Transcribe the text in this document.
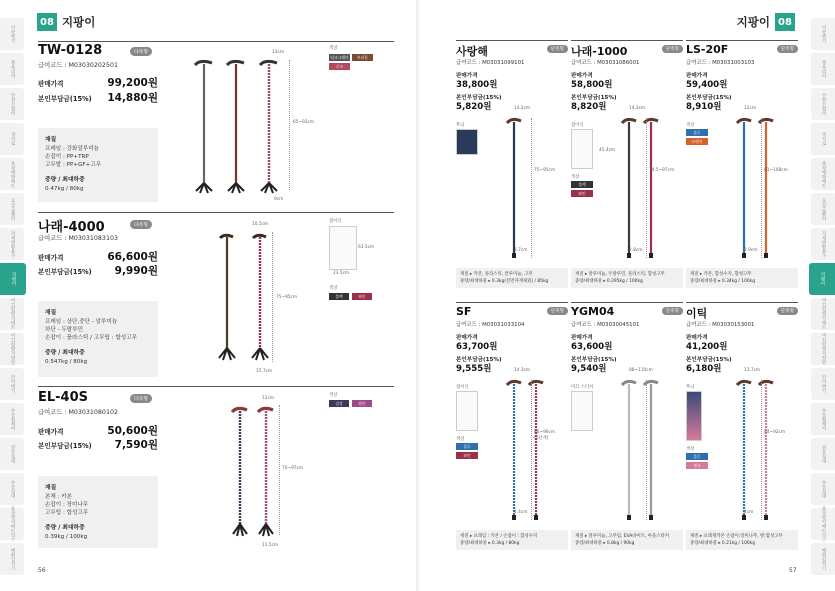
이동변기
목욕의자
안전손잡이
경사로
욕창예방매트
요실금팬티
자세변환용구
지팡이
미끄럼방지매트
미끄럼방지양말
간이변기
수동휠체어
전동침대
수동침대
욕창방지매트리스
배회감지기
이동변기
목욕의자
안전손잡이
경사로
욕창예방매트
요실금팬티
자세변환용구
지팡이
미끄럼방지매트
미끄럼방지양말
간이변기
수동휠체어
전동침대
수동침대
욕창방지매트리스
배회감지기
08 지팡이
56
지팡이 08
57
TW-0128	다족형
급여코드 : M03030202501
판매가격	99,200원
본인부담금(15%) 14,880원
재질
프레임 : 강화알루미늄
손잡이 : PP+TRP
고무발 : PP+GF+고무
중량 / 최대하중
0.47kg / 80kg
13cm
65~93cm
9cm
색상
티크그레이	브라운
로즈
나래-4000	다족형
급여코드 : M03031083103
판매가격	66,600원
본인부담금(15%) 9,990원
재질
프레임 : 상단,중단 - 알루미늄
하단 - 두랄루민
손잡이 : 플라스틱 / 고무팁 : 합성고무
중량 / 최대하중
0.547kg / 80kg
10.5cm
75~95cm
15.7cm
접이식
63.5cm
23.5cm
색상
블랙	와인
EL-40S	다족형
급여코드 : M03031080102
판매가격	50,600원
본인부담금(15%) 7,590원
재질
본체 : 카본
손잡이 : 장미나무
고무팁 : 합성고무
중량 / 최대하중
0.39kg / 100kg
12cm
70~97cm
11.5cm
색상
검정	와인
사랑해	단족형
급여코드 : M03031099101
판매가격
38,800원
본인부담금(15%)
5,820원	14.2cm
75~95cm
3.7cm
무늬
재질 ▸ 카본, 플라스틱, 알루미늄, 고무
중량/최대하중 ▸ 0.3kg(전면자재제외) / 85kg
나래-1000	단족형
급여코드 : M03031086001
판매가격
58,800원
본인부담금(15%)
8,820원	14.3cm
74.5~97cm
2.8cm
45.4cm
접이식
색상
블랙
와인
재질 ▸ 알루미늄, 두랄루민, 플라스틱, 합성고무
중량/최대하중 ▸ 0.295kg / 100kg
LS-20F	단족형
급여코드 : M03031003103
판매가격
59,400원
본인부담금(15%)
8,910원	12cm
81~108cm
2.9cm
색상
블루
오렌지
재질 ▸ 카본, 합성수지, 합성고무
중량/최대하중 ▸ 0.34kg / 100kg
SF	단족형
급여코드 : M03031033104
판매가격
63,700원
본인부담금(15%)
9,555원	14.3cm
86~96cm (5단계)
4.4cm
접이식
색상
블루
와인
재질 ▸ 프레임 : 카본 / 손잡이 : 합성수지
중량/최대하중 ▸ 0.3kg / 80kg
YGM04	단족형
급여코드 : M03030045101
판매가격
63,600원
본인부담금(15%)
9,540원	88~110cm
미끄 스티커
재질 ▸ 알루미늄, 고무팁, EVA바이트, 아웃스타커
중량/최대하중 ▸ 0.8kg / 90kg
이틱	단족형
급여코드 : M03030153001
판매가격
41,200원
본인부담금(15%)
6,180원	13.7cm
84~92cm
4cm
무늬
색상
블루
핑크
재질 ▸ 프레재카본 손잡이:장미나무, 발:합성고무
중량/최대하중 ▸ 0.21kg / 100kg
